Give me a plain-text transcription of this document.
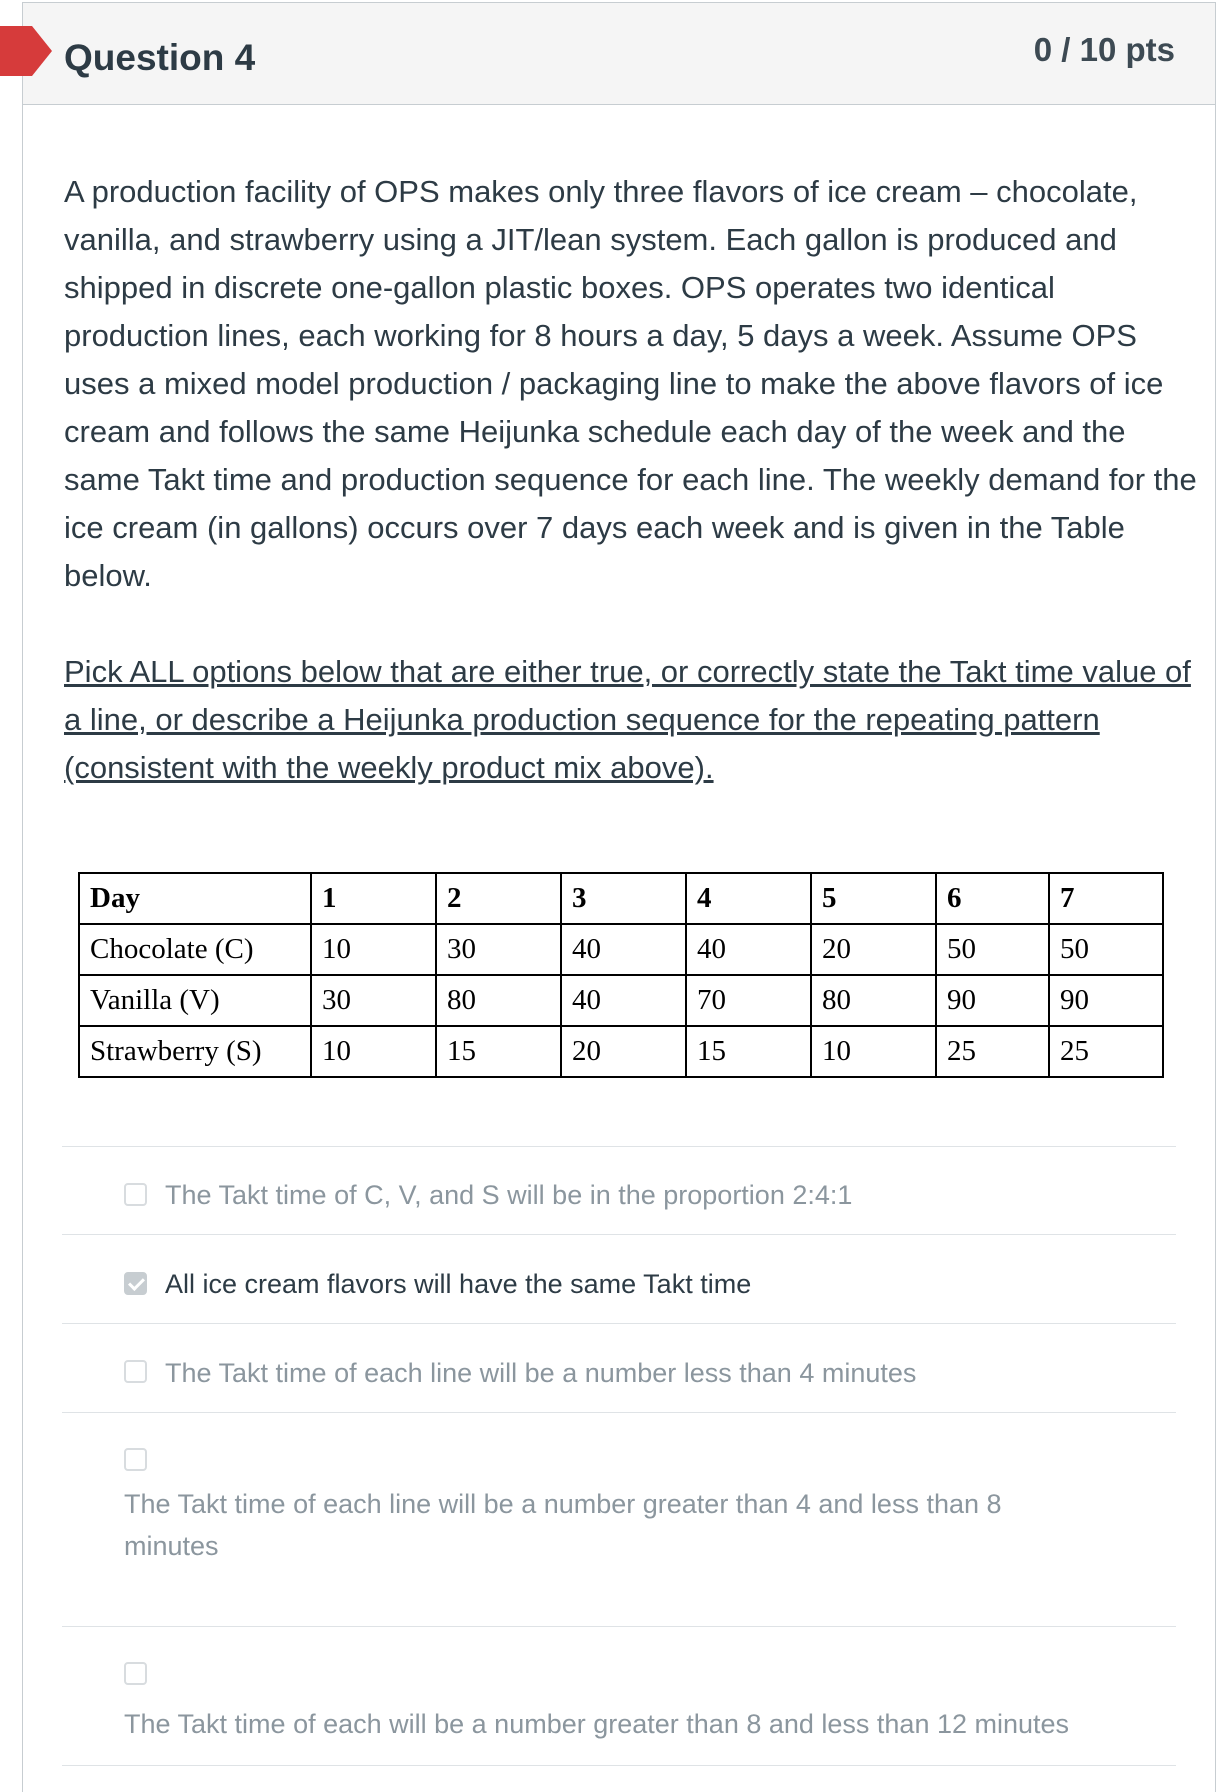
Question 4	0 / 10 pts

A production facility of OPS makes only three flavors of ice cream – chocolate, vanilla, and strawberry using a JIT/lean system. Each gallon is produced and shipped in discrete one-gallon plastic boxes. OPS operates two identical production lines, each working for 8 hours a day, 5 days a week. Assume OPS uses a mixed model production / packaging line to make the above flavors of ice cream and follows the same Heijunka schedule each day of the week and the same Takt time and production sequence for each line. The weekly demand for the ice cream (in gallons) occurs over 7 days each week and is given in the Table below.

Pick ALL options below that are either true, or correctly state the Takt time value of a line, or describe a Heijunka production sequence for the repeating pattern (consistent with the weekly product mix above).

Day	1	2	3	4	5	6	7
Chocolate (C)	10	30	40	40	20	50	50
Vanilla (V)	30	80	40	70	80	90	90
Strawberry (S)	10	15	20	15	10	25	25
The Takt time of C, V, and S will be in the proportion 2:4:1
All ice cream flavors will have the same Takt time
The Takt time of each line will be a number less than 4 minutes
The Takt time of each line will be a number greater than 4 and less than 8 minutes
The Takt time of each will be a number greater than 8 and less than 12 minutes
